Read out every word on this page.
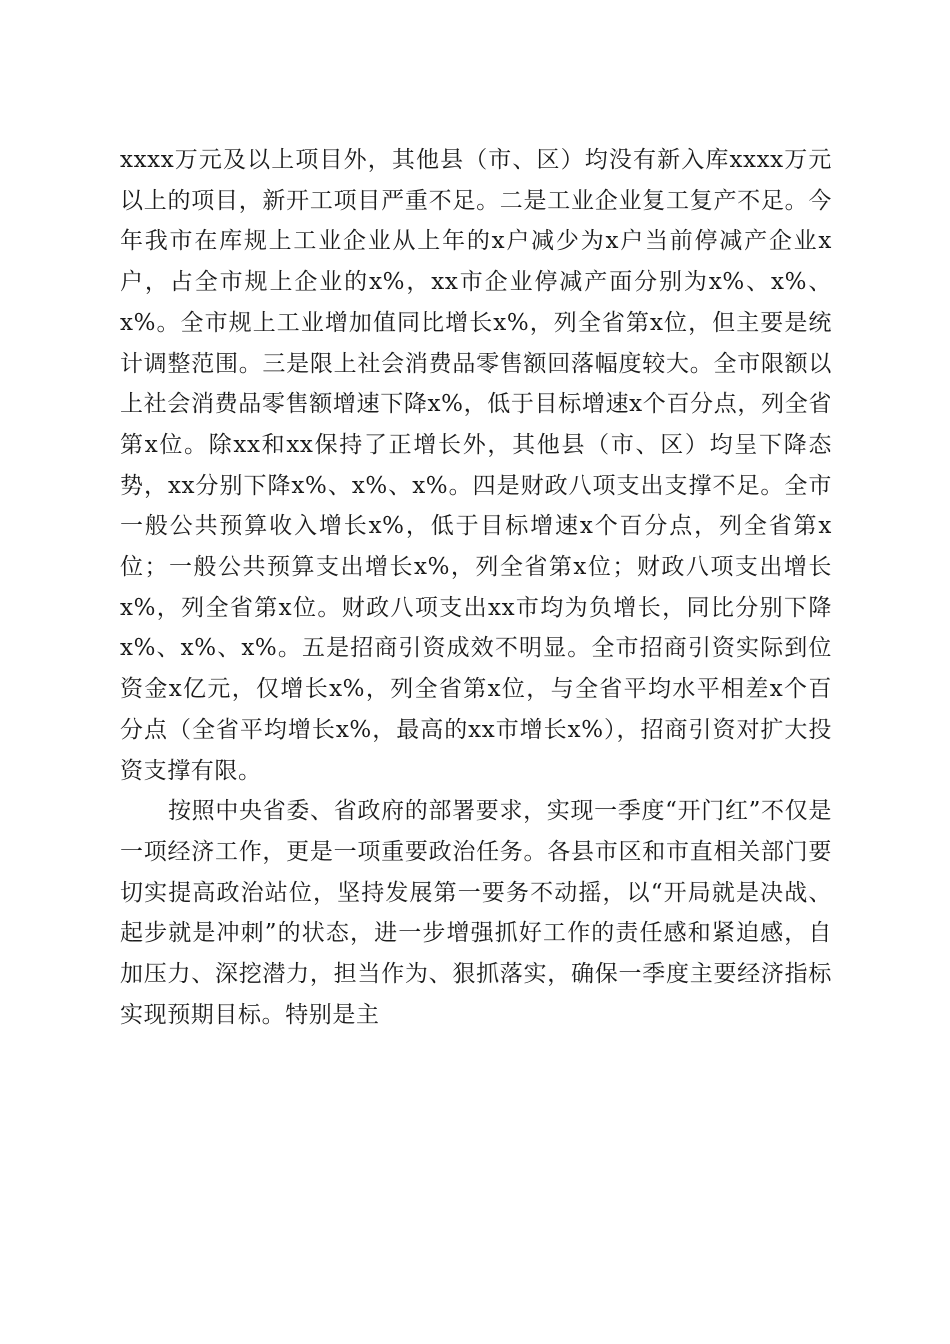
xxxx万元及以上项目外，其他县（市、区）均没有新入库xxxx万元以上的项目，新开工项目严重不足。二是工业企业复工复产不足。今年我市在库规上工业企业从上年的x户减少为x户当前停减产企业x户，占全市规上企业的x%，xx市企业停减产面分别为x%、x%、x%。全市规上工业增加值同比增长x%，列全省第x位，但主要是统计调整范围。三是限上社会消费品零售额回落幅度较大。全市限额以上社会消费品零售额增速下降x%，低于目标增速x个百分点，列全省第x位。除xx和xx保持了正增长外，其他县（市、区）均呈下降态势，xx分别下降x%、x%、x%。四是财政八项支出支撑不足。全市一般公共预算收入增长x%，低于目标增速x个百分点，列全省第x位；一般公共预算支出增长x%，列全省第x位；财政八项支出增长x%，列全省第x位。财政八项支出xx市均为负增长，同比分别下降x%、x%、x%。五是招商引资成效不明显。全市招商引资实际到位资金x亿元，仅增长x%，列全省第x位，与全省平均水平相差x个百分点（全省平均增长x%，最高的xx市增长x%），招商引资对扩大投资支撑有限。

按照中央省委、省政府的部署要求，实现一季度“开门红”不仅是一项经济工作，更是一项重要政治任务。各县市区和市直相关部门要切实提高政治站位，坚持发展第一要务不动摇，以“开局就是决战、起步就是冲刺”的状态，进一步增强抓好工作的责任感和紧迫感，自加压力、深挖潜力，担当作为、狠抓落实，确保一季度主要经济指标实现预期目标。特别是主
